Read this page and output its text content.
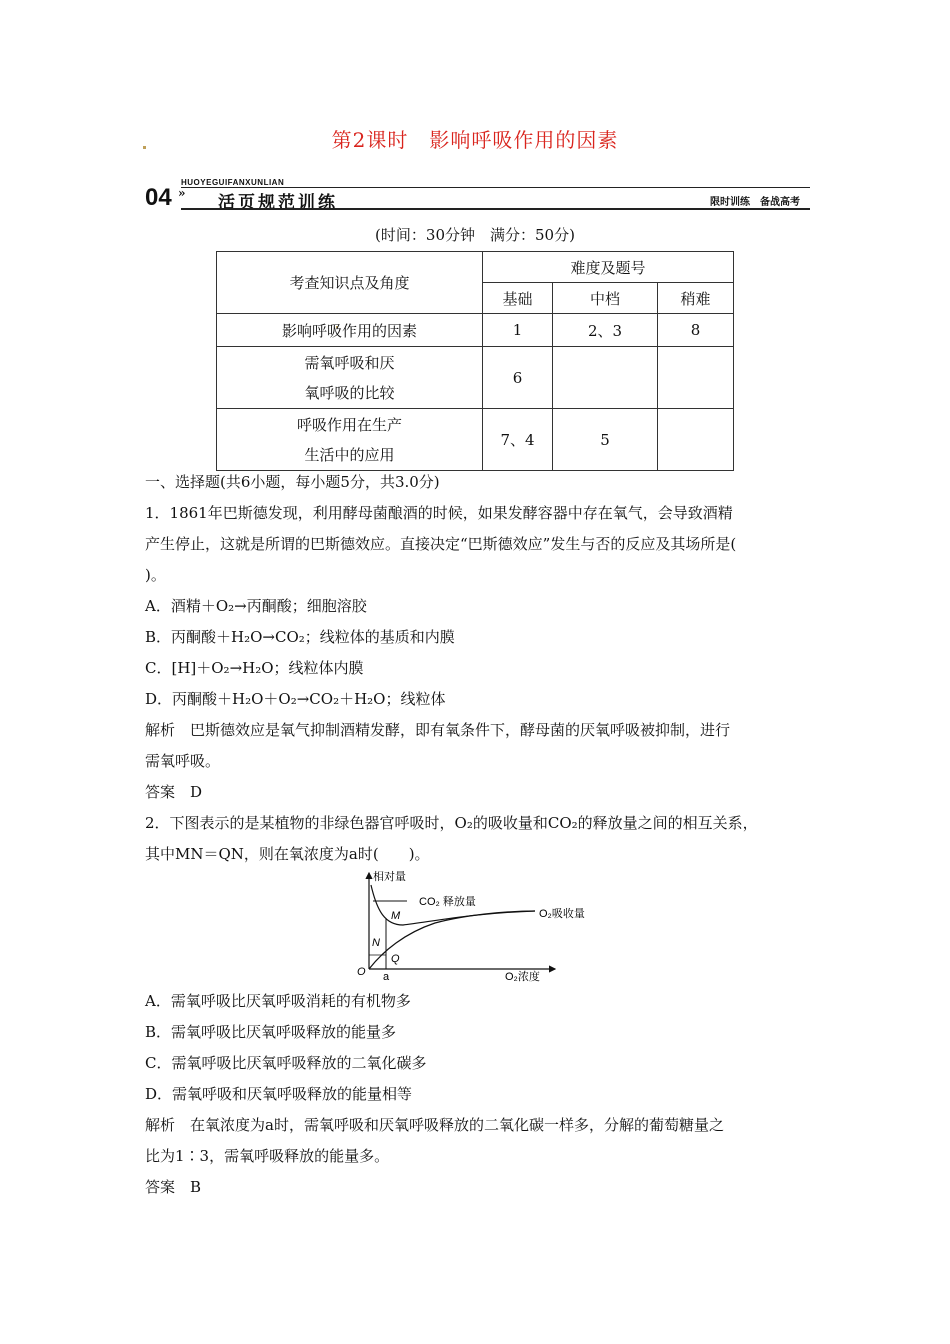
第2课时　影响呼吸作用的因素
HUOYEGUIFANXUNLIAN
04 » 活页规范训练	限时训练　备战高考
(时间：30分钟　满分：50分)
考查知识点及角度	难度及题号		
	基础	中档	稍难
影响呼吸作用的因素	1	2、3	8

需氧呼吸和厌
氧呼吸的比较	6		

呼吸作用在生产
生活中的应用	7、4	5	
一、选择题(共6小题，每小题5分，共3.0分)
1．1861年巴斯德发现，利用酵母菌酿酒的时候，如果发酵容器中存在氧气，会导致酒精
产生停止，这就是所谓的巴斯德效应。直接决定“巴斯德效应”发生与否的反应及其场所是(
)。
A．酒精＋O₂→丙酮酸；细胞溶胶
B．丙酮酸＋H₂O→CO₂；线粒体的基质和内膜
C．[H]＋O₂→H₂O；线粒体内膜
D．丙酮酸＋H₂O＋O₂→CO₂＋H₂O；线粒体
解析　巴斯德效应是氧气抑制酒精发酵，即有氧条件下，酵母菌的厌氧呼吸被抑制，进行
需氧呼吸。
答案　D
2．下图表示的是某植物的非绿色器官呼吸时，O₂的吸收量和CO₂的释放量之间的相互关系，
其中MN＝QN，则在氧浓度为a时(　　)。
相对量
CO₂ 释放量
O₂吸收量
M
N
Q
O a	O₂浓度
A．需氧呼吸比厌氧呼吸消耗的有机物多
B．需氧呼吸比厌氧呼吸释放的能量多
C．需氧呼吸比厌氧呼吸释放的二氧化碳多
D．需氧呼吸和厌氧呼吸释放的能量相等
解析　在氧浓度为a时，需氧呼吸和厌氧呼吸释放的二氧化碳一样多，分解的葡萄糖量之
比为1∶3，需氧呼吸释放的能量多。
答案　B
